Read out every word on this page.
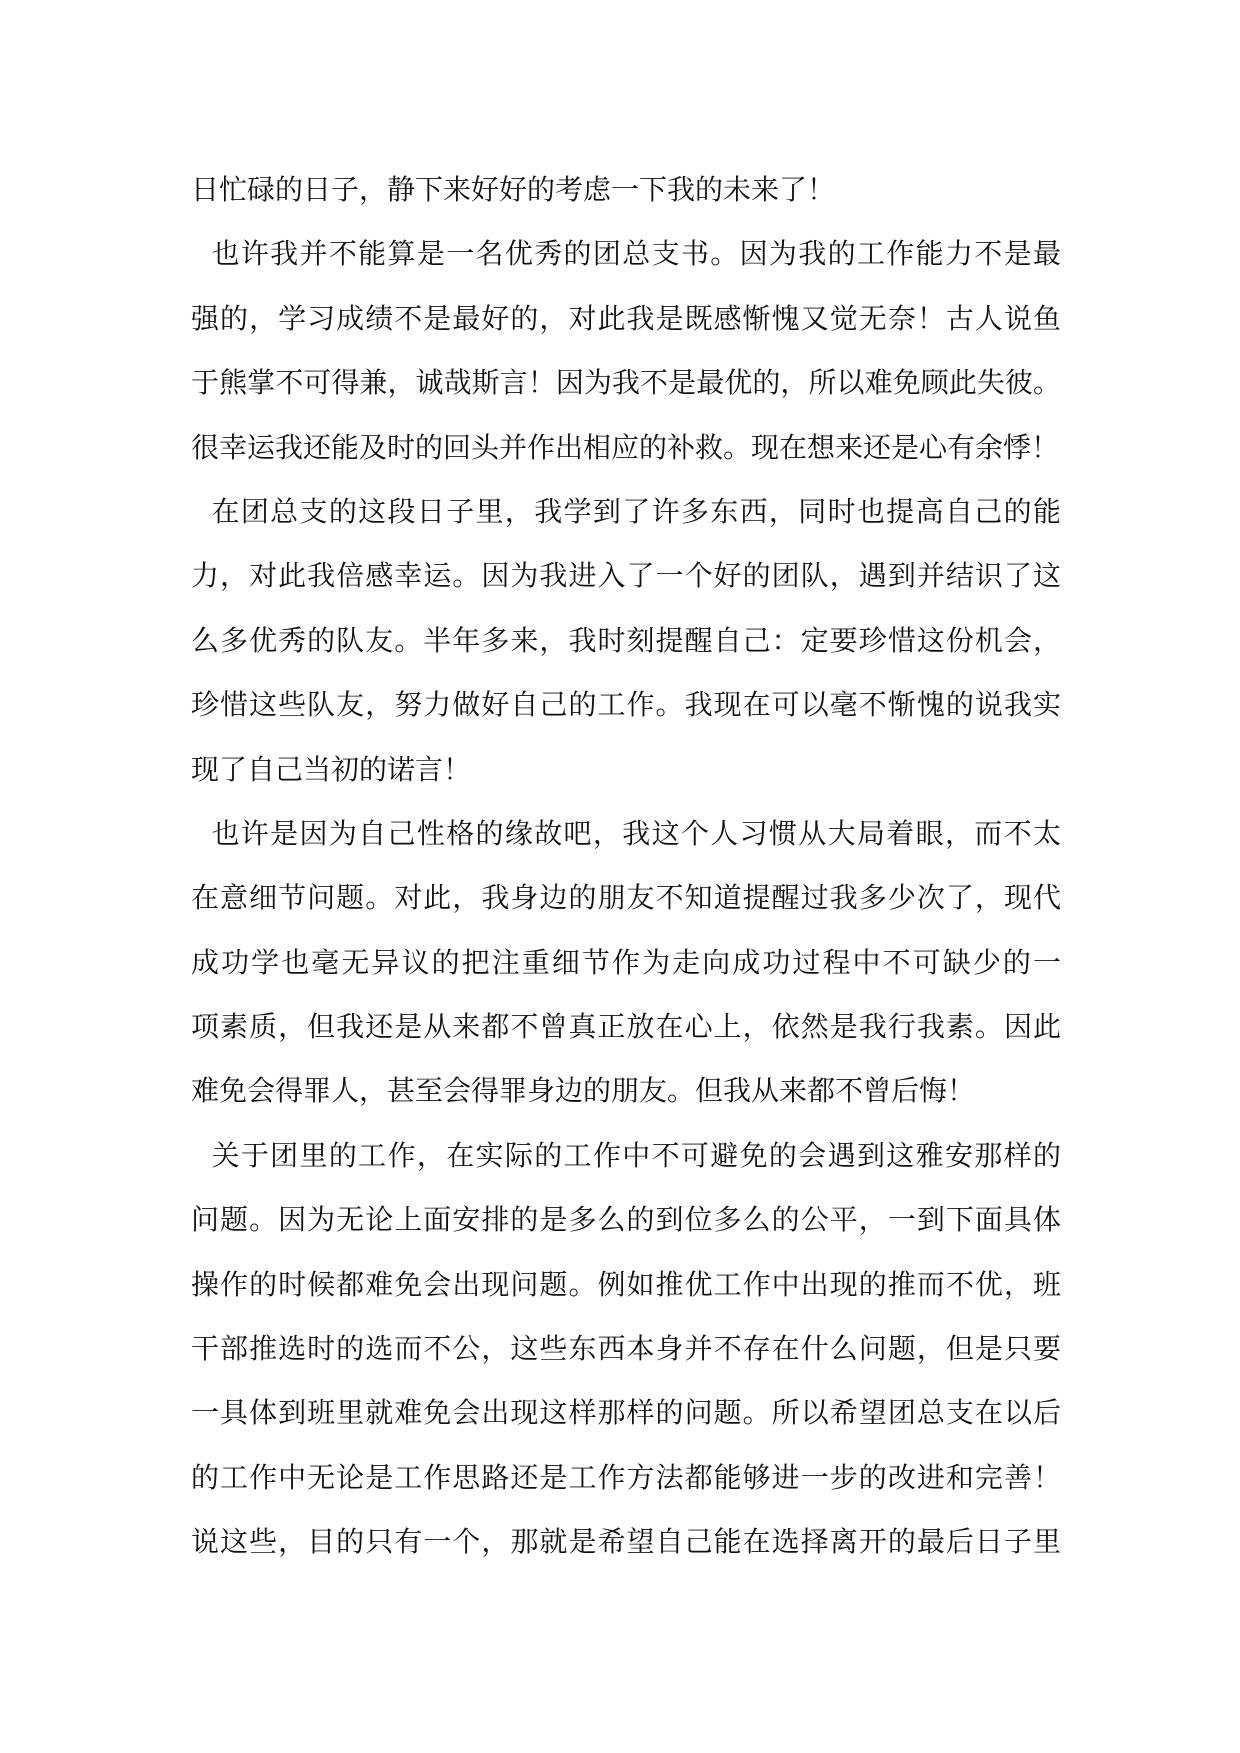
日忙碌的日子，静下来好好的考虑一下我的未来了！
也许我并不能算是一名优秀的团总支书。因为我的工作能力不是最
强的，学习成绩不是最好的，对此我是既感惭愧又觉无奈！古人说鱼
于熊掌不可得兼，诚哉斯言！因为我不是最优的，所以难免顾此失彼。
很幸运我还能及时的回头并作出相应的补救。现在想来还是心有余悸！
在团总支的这段日子里，我学到了许多东西，同时也提高自己的能
力，对此我倍感幸运。因为我进入了一个好的团队，遇到并结识了这
么多优秀的队友。半年多来，我时刻提醒自己：定要珍惜这份机会，
珍惜这些队友，努力做好自己的工作。我现在可以毫不惭愧的说我实
现了自己当初的诺言！
也许是因为自己性格的缘故吧，我这个人习惯从大局着眼，而不太
在意细节问题。对此，我身边的朋友不知道提醒过我多少次了，现代
成功学也毫无异议的把注重细节作为走向成功过程中不可缺少的一
项素质，但我还是从来都不曾真正放在心上，依然是我行我素。因此
难免会得罪人，甚至会得罪身边的朋友。但我从来都不曾后悔！
关于团里的工作，在实际的工作中不可避免的会遇到这雅安那样的
问题。因为无论上面安排的是多么的到位多么的公平，一到下面具体
操作的时候都难免会出现问题。例如推优工作中出现的推而不优，班
干部推选时的选而不公，这些东西本身并不存在什么问题，但是只要
一具体到班里就难免会出现这样那样的问题。所以希望团总支在以后
的工作中无论是工作思路还是工作方法都能够进一步的改进和完善！
说这些，目的只有一个，那就是希望自己能在选择离开的最后日子里
